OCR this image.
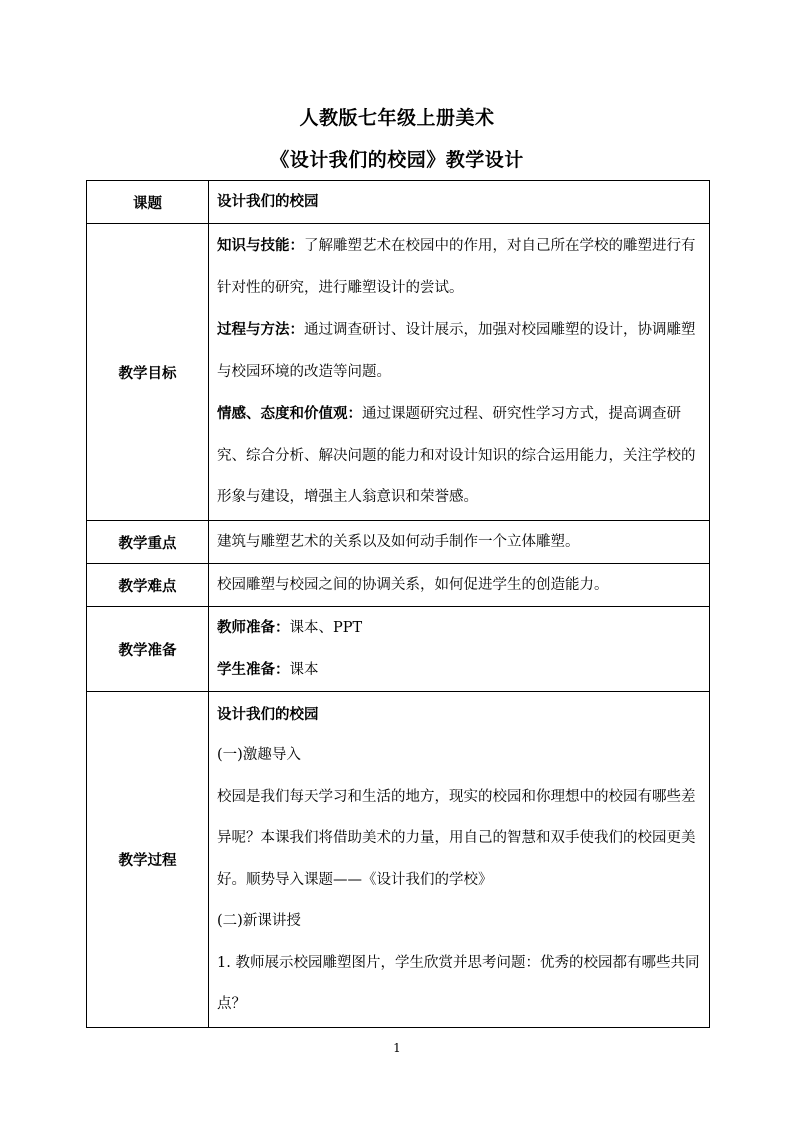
人教版七年级上册美术
《设计我们的校园》教学设计
课题	设计我们的校园
教学目标	知识与技能：了解雕塑艺术在校园中的作用，对自己所在学校的雕塑进行有针对性的研究，进行雕塑设计的尝试。
过程与方法：通过调查研讨、设计展示，加强对校园雕塑的设计，协调雕塑与校园环境的改造等问题。
情感、态度和价值观：通过课题研究过程、研究性学习方式，提高调查研究、综合分析、解决问题的能力和对设计知识的综合运用能力，关注学校的形象与建设，增强主人翁意识和荣誉感。

教学重点	建筑与雕塑艺术的关系以及如何动手制作一个立体雕塑。
教学难点	校园雕塑与校园之间的协调关系，如何促进学生的创造能力。
教学准备	教师准备：课本、PPT
学生准备：课本

教学过程	设计我们的校园
(一)激趣导入
校园是我们每天学习和生活的地方，现实的校园和你理想中的校园有哪些差异呢？本课我们将借助美术的力量，用自己的智慧和双手使我们的校园更美好。顺势导入课题——《设计我们的学校》
(二)新课讲授
1. 教师展示校园雕塑图片，学生欣赏并思考问题：优秀的校园都有哪些共同点？
1
